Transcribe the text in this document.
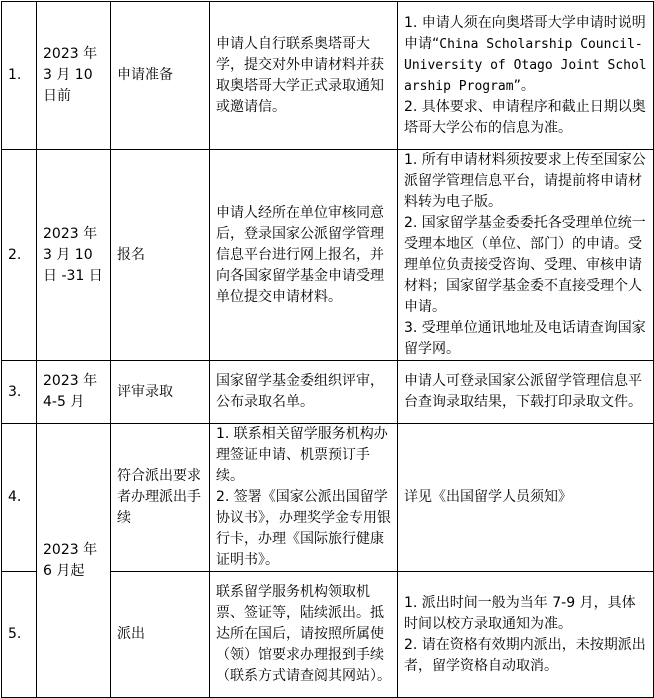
1.	2023 年 3 月 10 日前	申请准备	申请人自行联系奥塔哥大学，提交对外申请材料并获取奥塔哥大学正式录取通知或邀请信。	1. 申请人须在向奥塔哥大学申请时说明申请“China Scholarship Council- University of Otago Joint Scholarship Program”。
2. 具体要求、申请程序和截止日期以奥塔哥大学公布的信息为准。

2.	2023 年 3 月 10 日 -31 日	报名	申请人经所在单位审核同意后，登录国家公派留学管理信息平台进行网上报名，并向各国家留学基金申请受理单位提交申请材料。	1. 所有申请材料须按要求上传至国家公派留学管理信息平台，请提前将申请材料转为电子版。
2. 国家留学基金委委托各受理单位统一受理本地区（单位、部门）的申请。受理单位负责接受咨询、受理、审核申请材料；国家留学基金委不直接受理个人申请。
3. 受理单位通讯地址及电话请查询国家留学网。

3.	2023 年 4-5 月	评审录取	国家留学基金委组织评审，公布录取名单。	申请人可登录国家公派留学管理信息平台查询录取结果，下载打印录取文件。

4.	2023 年 6 月起	符合派出要求者办理派出手续	1. 联系相关留学服务机构办理签证申请、机票预订手续。
2. 签署《国家公派出国留学协议书》，办理奖学金专用银行卡，办理《国际旅行健康证明书》。	详见《出国留学人员须知》

5.		派出	联系留学服务机构领取机票、签证等，陆续派出。抵达所在国后，请按照所属使（领）馆要求办理报到手续（联系方式请查阅其网站）。	1. 派出时间一般为当年 7-9 月，具体时间以校方录取通知为准。
2. 请在资格有效期内派出，未按期派出者，留学资格自动取消。
